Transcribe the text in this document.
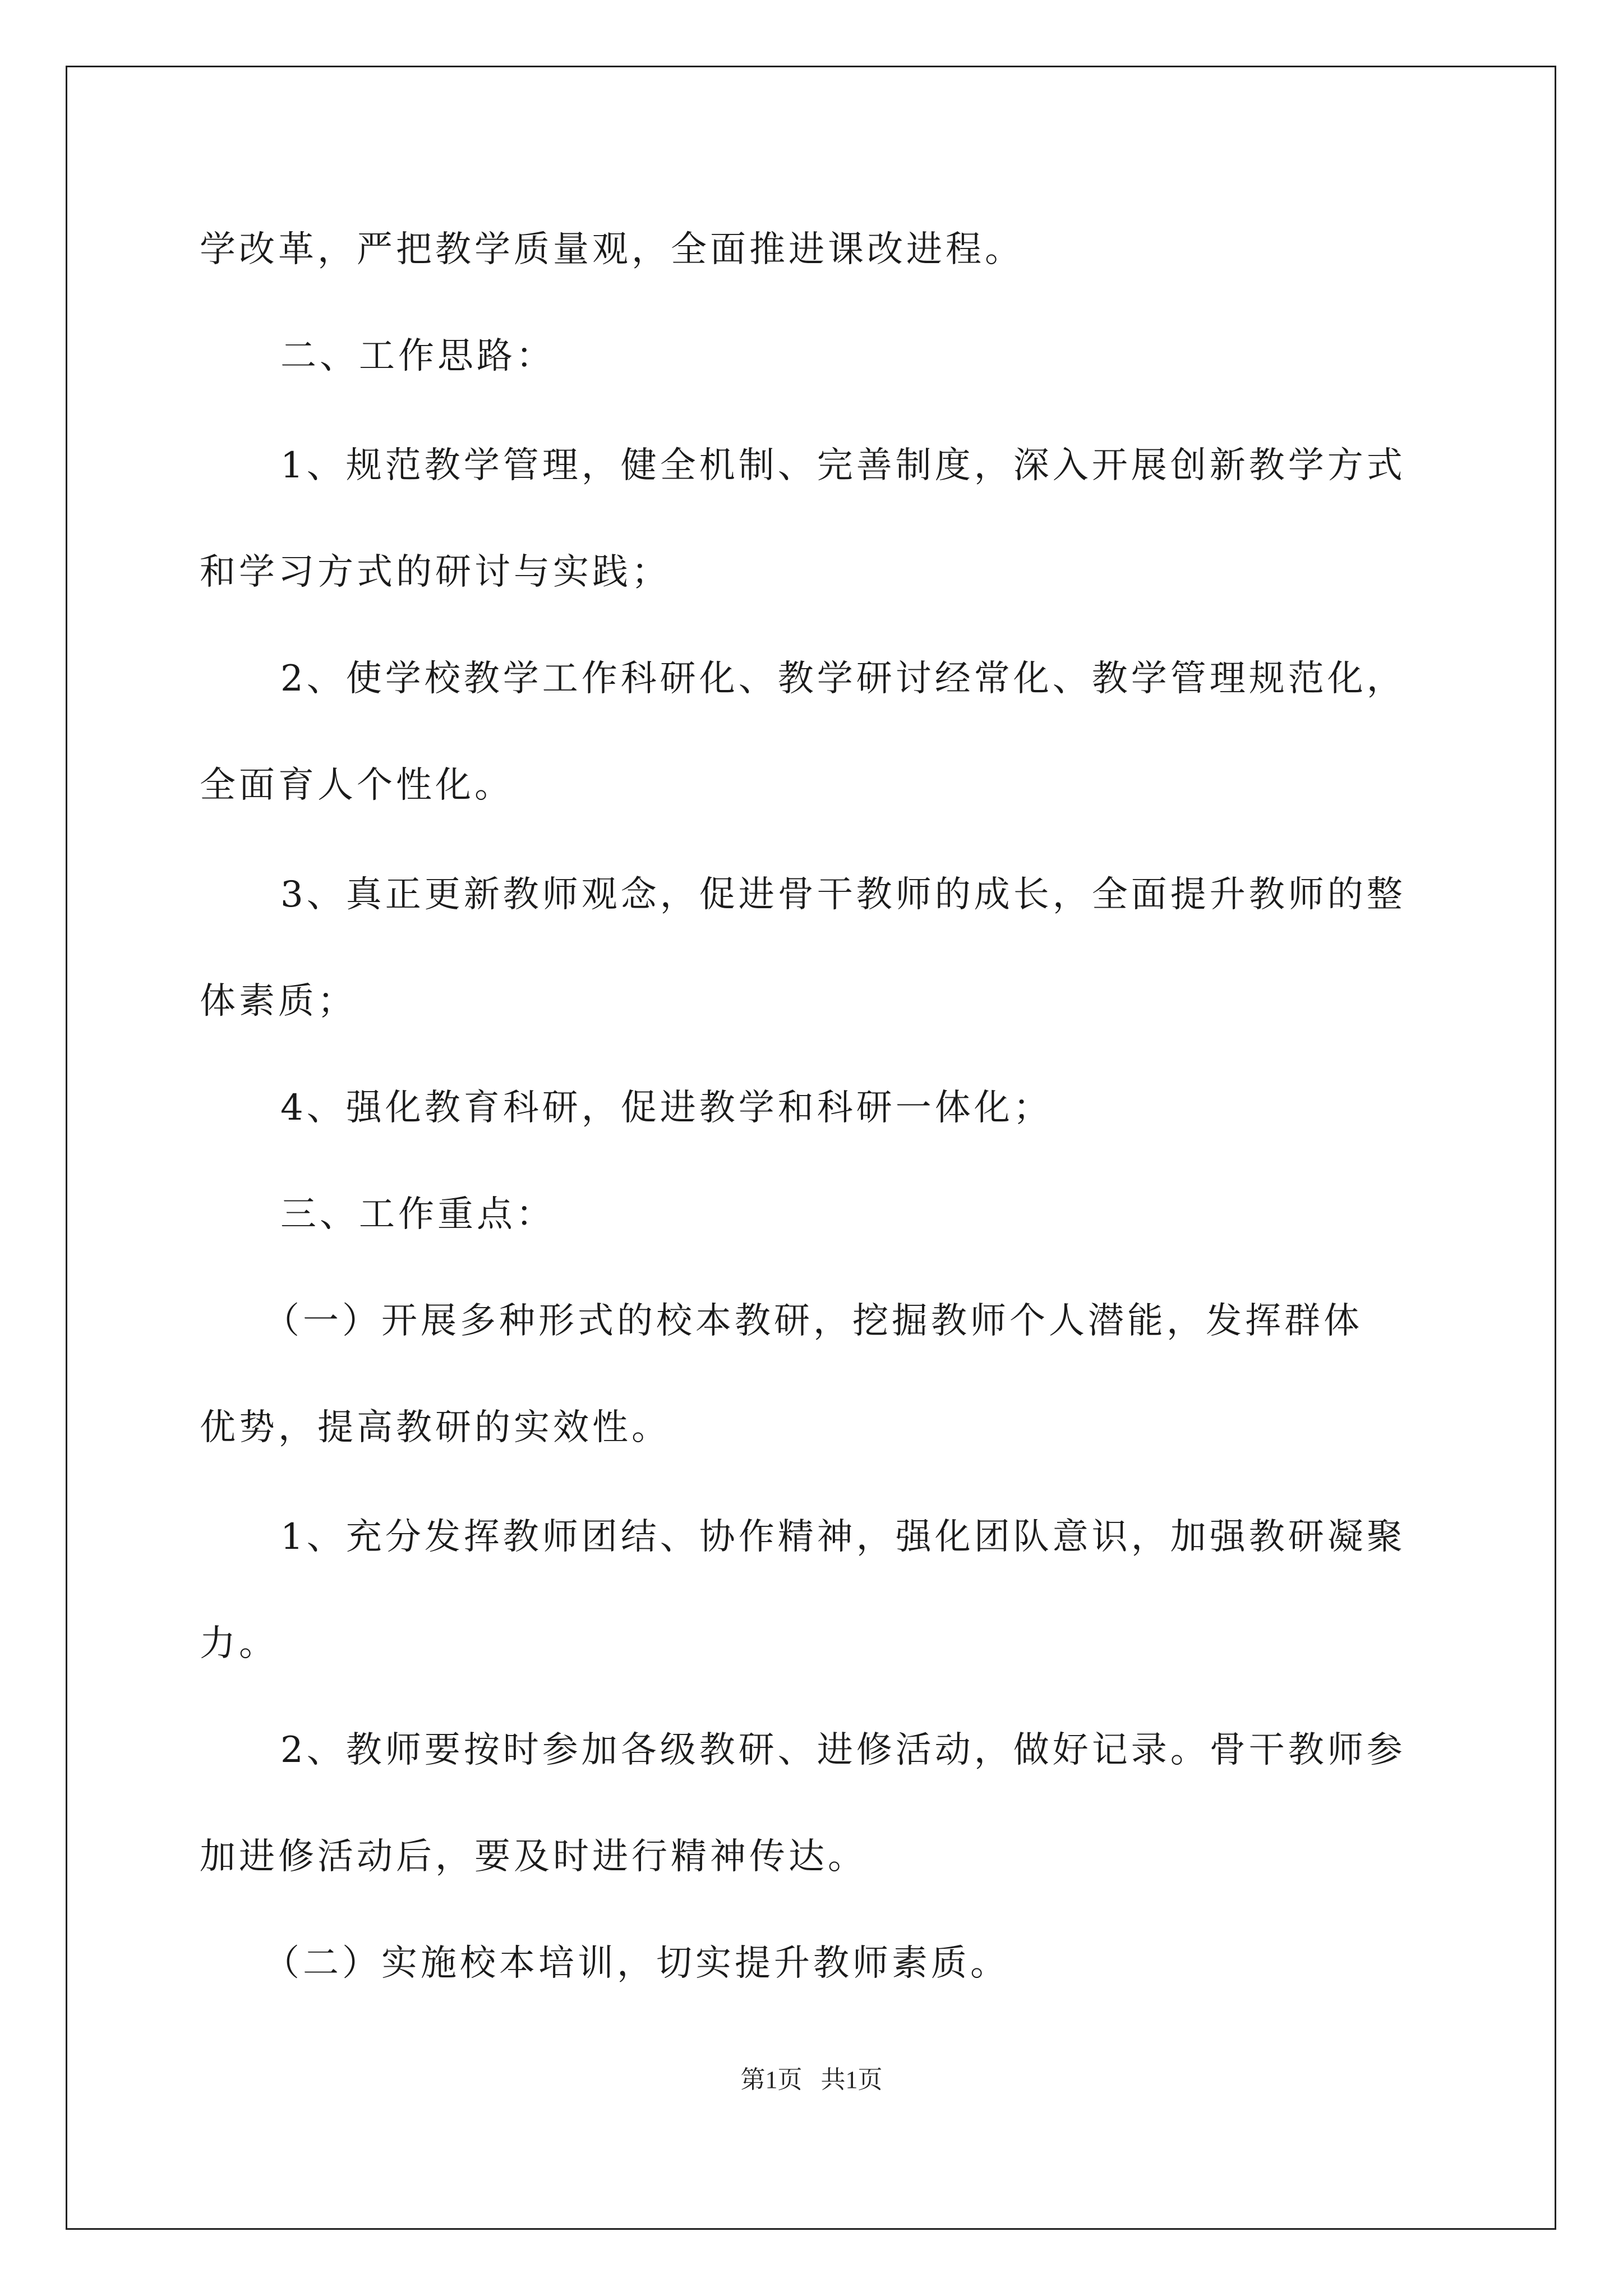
学改革，严把教学质量观，全面推进课改进程。
二、工作思路：
1、规范教学管理，健全机制、完善制度，深入开展创新教学方式
和学习方式的研讨与实践；
2、使学校教学工作科研化、教学研讨经常化、教学管理规范化，
全面育人个性化。
3、真正更新教师观念，促进骨干教师的成长，全面提升教师的整
体素质；
4、强化教育科研，促进教学和科研一体化；
三、工作重点：
（一）开展多种形式的校本教研，挖掘教师个人潜能，发挥群体
优势，提高教研的实效性。
1、充分发挥教师团结、协作精神，强化团队意识，加强教研凝聚
力。
2、教师要按时参加各级教研、进修活动，做好记录。骨干教师参
加进修活动后，要及时进行精神传达。
（二）实施校本培训，切实提升教师素质。
第1页   共1页
